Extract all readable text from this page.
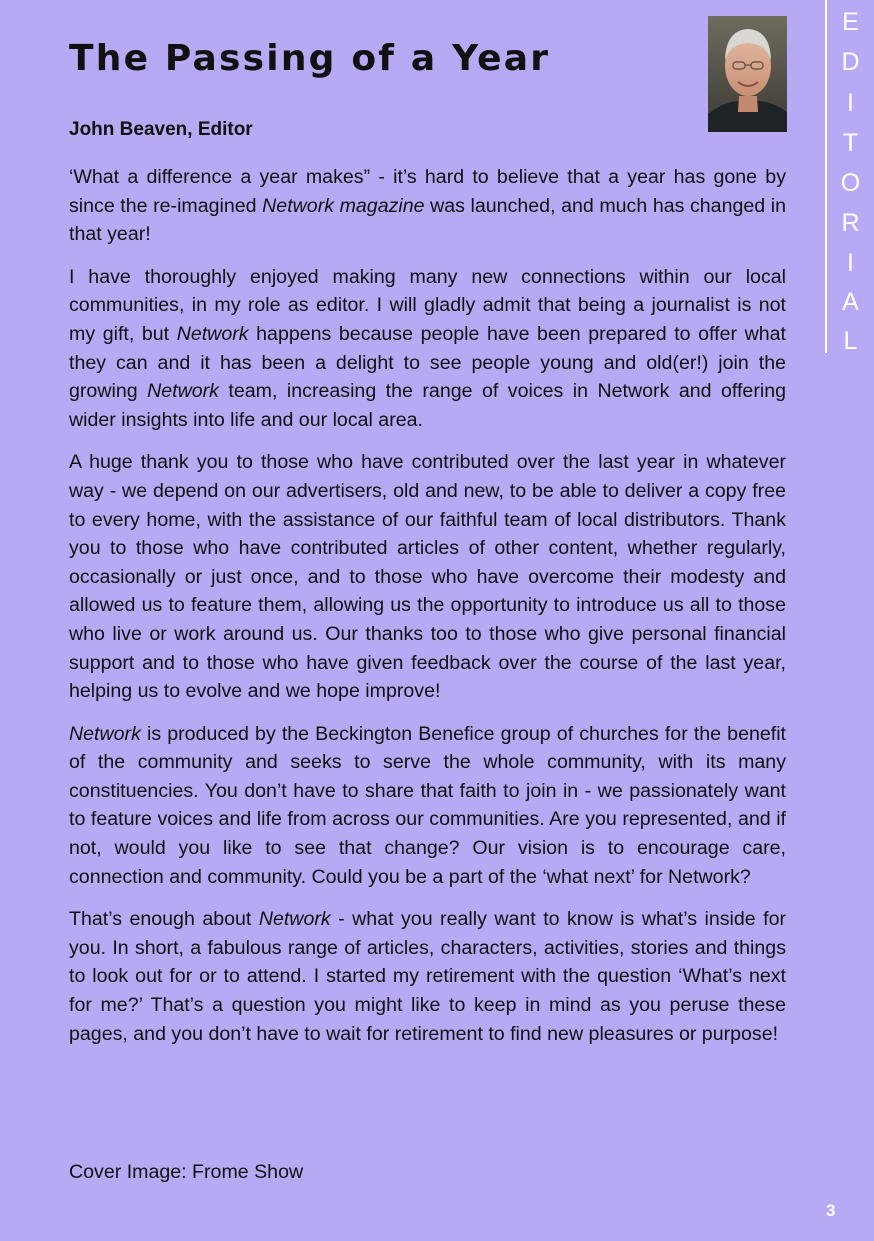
The Passing of a Year

John Beaven, Editor

‘What a difference a year makes” - it’s hard to believe that a year has gone by since the re-imagined Network magazine was launched, and much has changed in that year!

I have thoroughly enjoyed making many new connections within our local communities, in my role as editor. I will gladly admit that being a journalist is not my gift, but Network happens because people have been prepared to offer what they can and it has been a delight to see people young and old(er!) join the growing Network team, increasing the range of voices in Network and offering wider insights into life and our local area.

A huge thank you to those who have contributed over the last year in whatever way - we depend on our advertisers, old and new, to be able to deliver a copy free to every home, with the assistance of our faithful team of local distributors. Thank you to those who have contributed articles of other content, whether regularly, occasionally or just once, and to those who have overcome their modesty and allowed us to feature them, allowing us the opportunity to introduce us all to those who live or work around us. Our thanks too to those who give personal financial support and to those who have given feedback over the course of the last year, helping us to evolve and we hope improve!

Network is produced by the Beckington Benefice group of churches for the benefit of the community and seeks to serve the whole community, with its many constituencies. You don’t have to share that faith to join in - we passionately want to feature voices and life from across our communities. Are you represented, and if not, would you like to see that change? Our vision is to encourage care, connection and community. Could you be a part of the ‘what next’ for Network?

That’s enough about Network - what you really want to know is what’s inside for you. In short, a fabulous range of articles, characters, activities, stories and things to look out for or to attend. I started my retirement with the question ‘What’s next for me?’ That’s a question you might like to keep in mind as you peruse these pages, and you don’t have to wait for retirement to find new pleasures or purpose!

Cover Image: Frome Show

E
D
I
T
O
R
I
A
L
3
